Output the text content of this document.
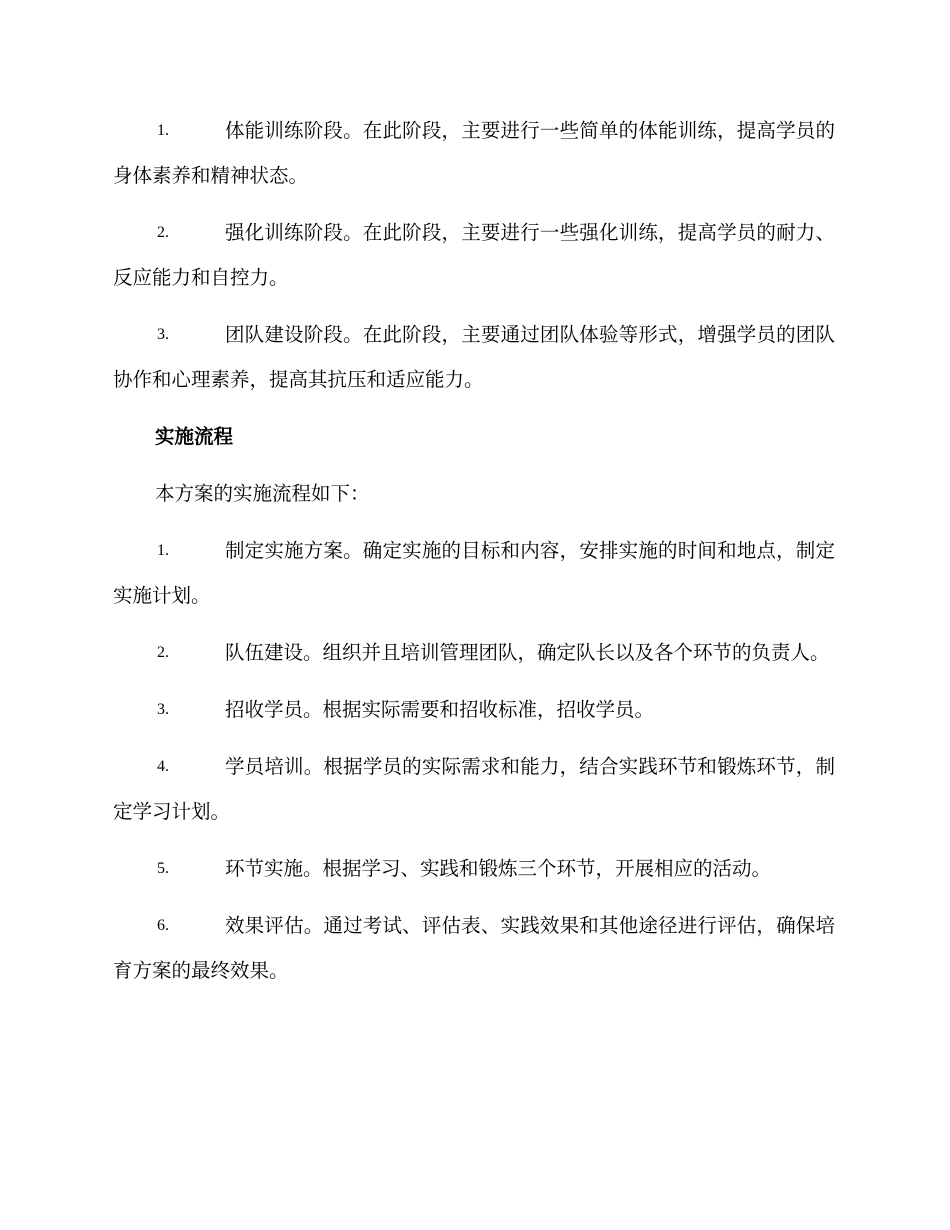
1.	体能训练阶段。在此阶段，主要进行一些简单的体能训练，提高学员的身体素养和精神状态。

2.	强化训练阶段。在此阶段，主要进行一些强化训练，提高学员的耐力、反应能力和自控力。

3.	团队建设阶段。在此阶段，主要通过团队体验等形式，增强学员的团队协作和心理素养，提高其抗压和适应能力。

实施流程

本方案的实施流程如下：

1.	制定实施方案。确定实施的目标和内容，安排实施的时间和地点，制定实施计划。

2.	队伍建设。组织并且培训管理团队，确定队长以及各个环节的负责人。

3.	招收学员。根据实际需要和招收标准，招收学员。

4.	学员培训。根据学员的实际需求和能力，结合实践环节和锻炼环节，制定学习计划。

5.	环节实施。根据学习、实践和锻炼三个环节，开展相应的活动。

6.	效果评估。通过考试、评估表、实践效果和其他途径进行评估，确保培育方案的最终效果。
